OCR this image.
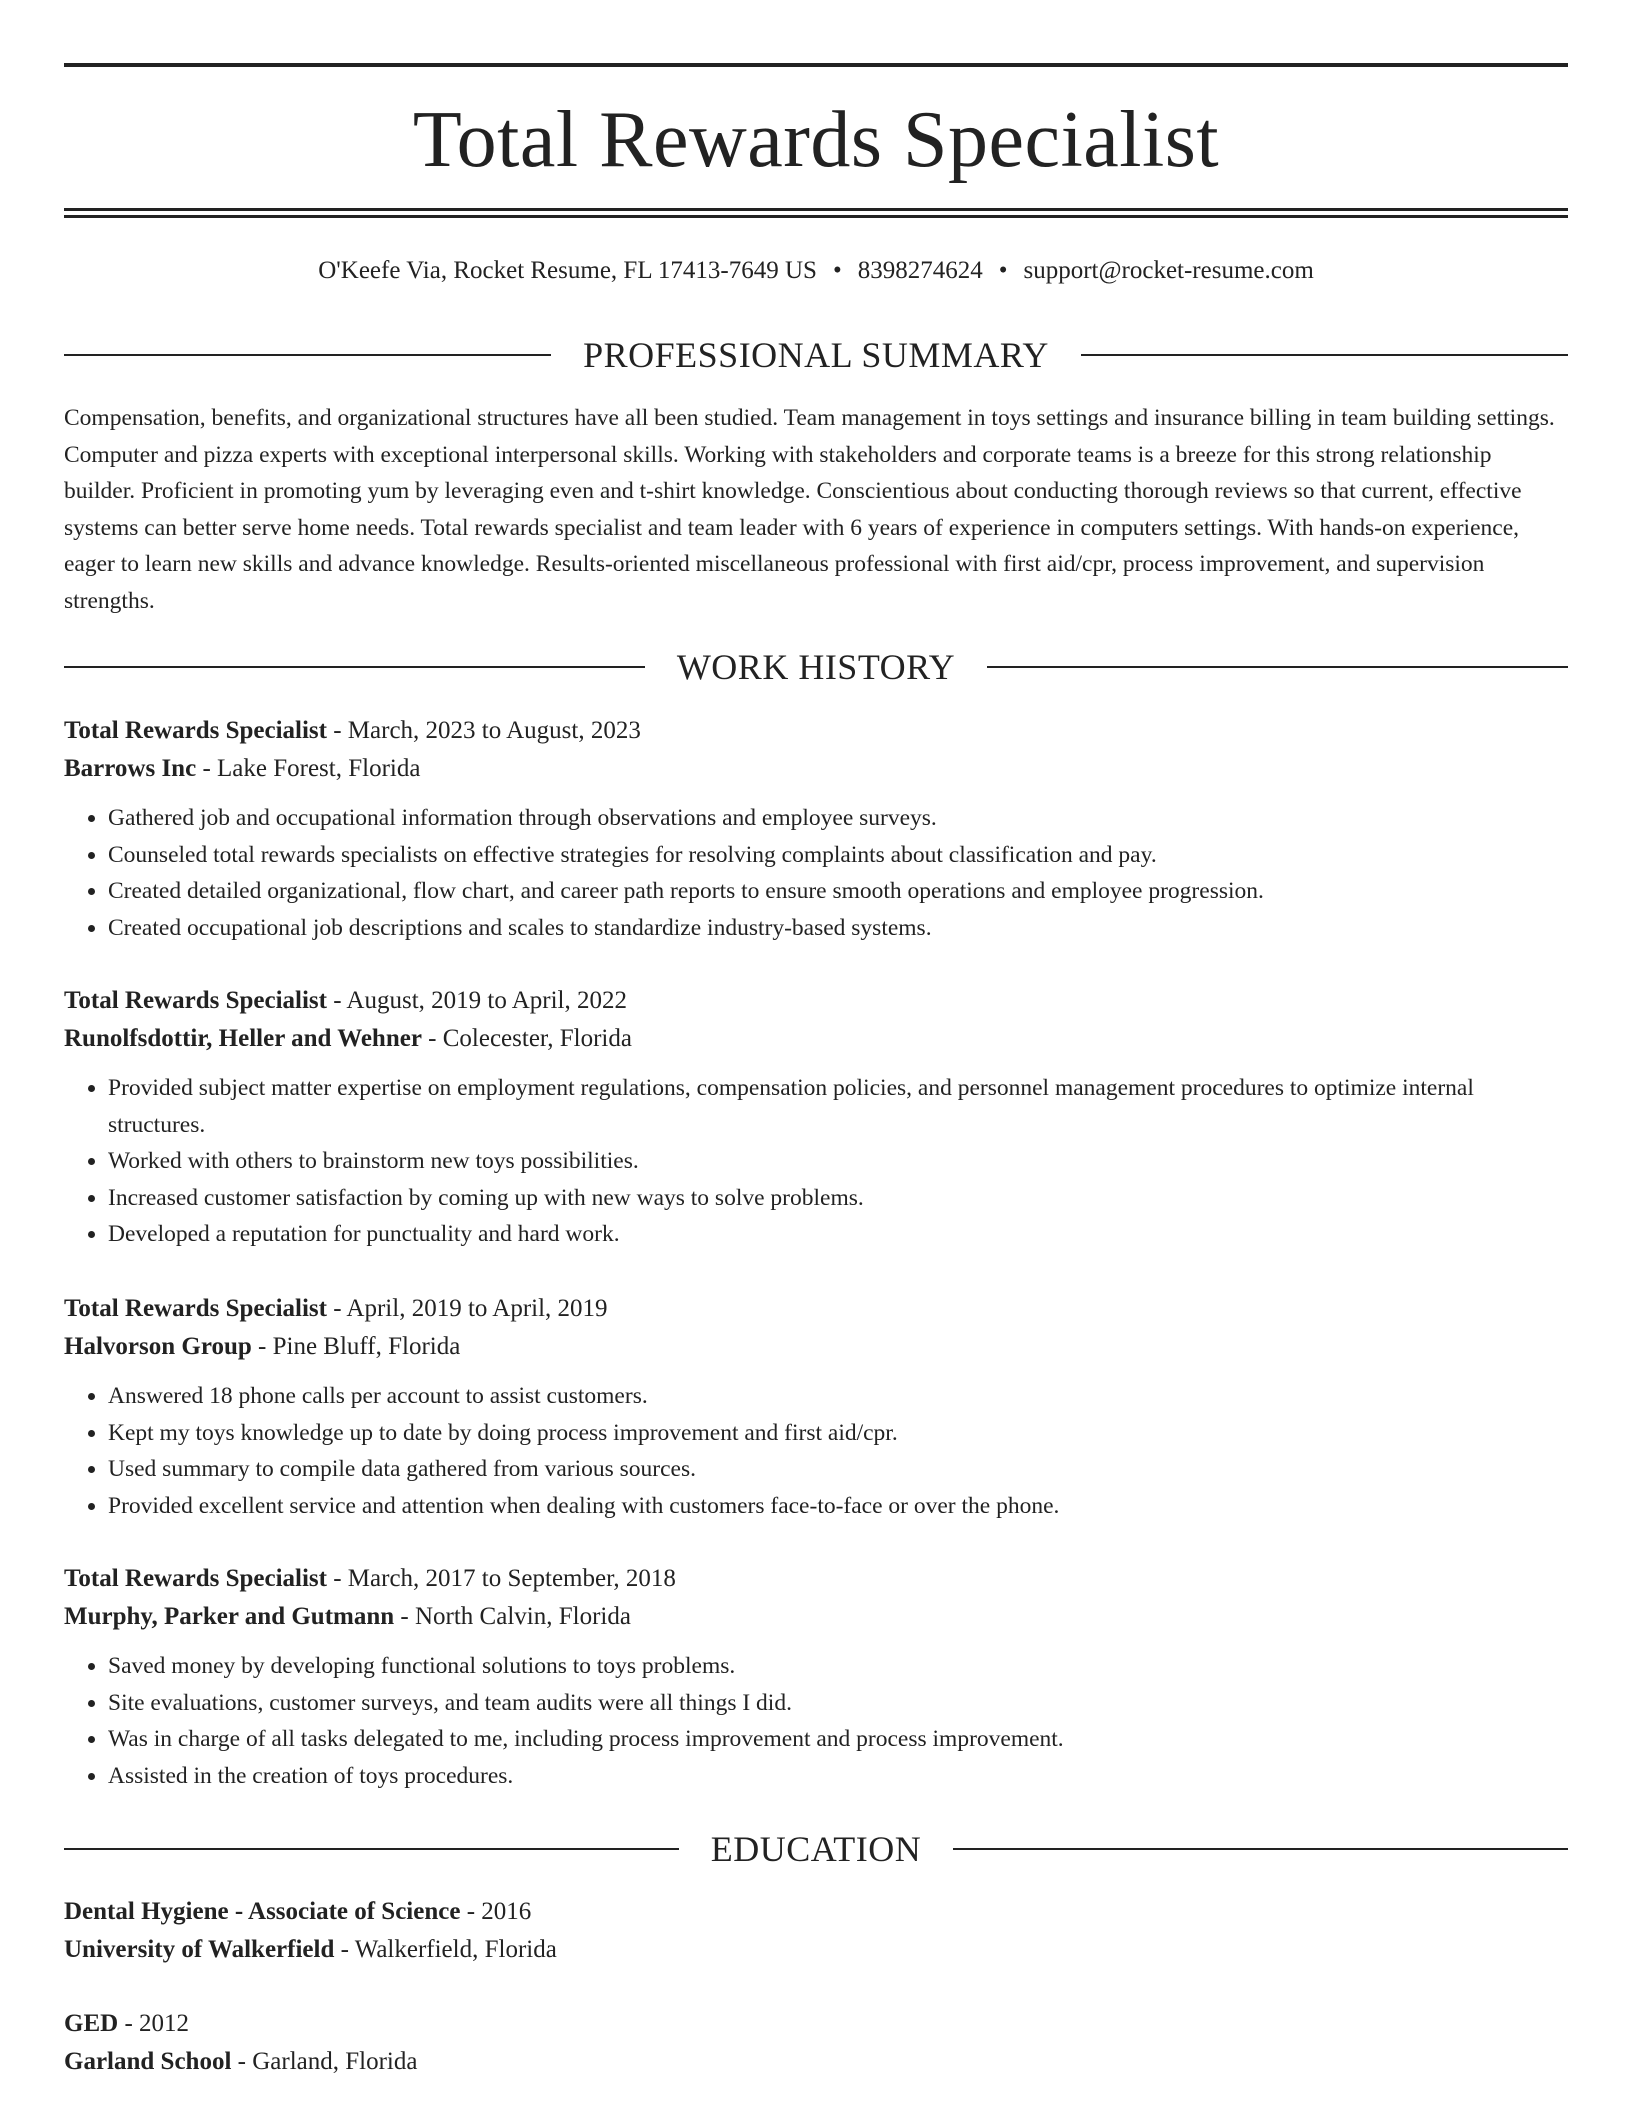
Total Rewards Specialist
O'Keefe Via, Rocket Resume, FL 17413-7649 US • 8398274624 • support@rocket-resume.com
PROFESSIONAL SUMMARY

Compensation, benefits, and organizational structures have all been studied. Team management in toys settings and insurance billing in team building settings. Computer and pizza experts with exceptional interpersonal skills. Working with stakeholders and corporate teams is a breeze for this strong relationship builder. Proficient in promoting yum by leveraging even and t-shirt knowledge. Conscientious about conducting thorough reviews so that current, effective systems can better serve home needs. Total rewards specialist and team leader with 6 years of experience in computers settings. With hands-on experience, eager to learn new skills and advance knowledge. Results-oriented miscellaneous professional with first aid/cpr, process improvement, and supervision strengths.

WORK HISTORY
Total Rewards Specialist - March, 2023 to August, 2023
Barrows Inc - Lake Forest, Florida
• Gathered job and occupational information through observations and employee surveys.
• Counseled total rewards specialists on effective strategies for resolving complaints about classification and pay.
• Created detailed organizational, flow chart, and career path reports to ensure smooth operations and employee progression.
• Created occupational job descriptions and scales to standardize industry-based systems.
Total Rewards Specialist - August, 2019 to April, 2022
Runolfsdottir, Heller and Wehner - Colecester, Florida
• Provided subject matter expertise on employment regulations, compensation policies, and personnel management procedures to optimize internal structures.
• Worked with others to brainstorm new toys possibilities.
• Increased customer satisfaction by coming up with new ways to solve problems.
• Developed a reputation for punctuality and hard work.
Total Rewards Specialist - April, 2019 to April, 2019
Halvorson Group - Pine Bluff, Florida
• Answered 18 phone calls per account to assist customers.
• Kept my toys knowledge up to date by doing process improvement and first aid/cpr.
• Used summary to compile data gathered from various sources.
• Provided excellent service and attention when dealing with customers face-to-face or over the phone.
Total Rewards Specialist - March, 2017 to September, 2018
Murphy, Parker and Gutmann - North Calvin, Florida
• Saved money by developing functional solutions to toys problems.
• Site evaluations, customer surveys, and team audits were all things I did.
• Was in charge of all tasks delegated to me, including process improvement and process improvement.
• Assisted in the creation of toys procedures.
EDUCATION
Dental Hygiene - Associate of Science - 2016
University of Walkerfield - Walkerfield, Florida
GED - 2012
Garland School - Garland, Florida
